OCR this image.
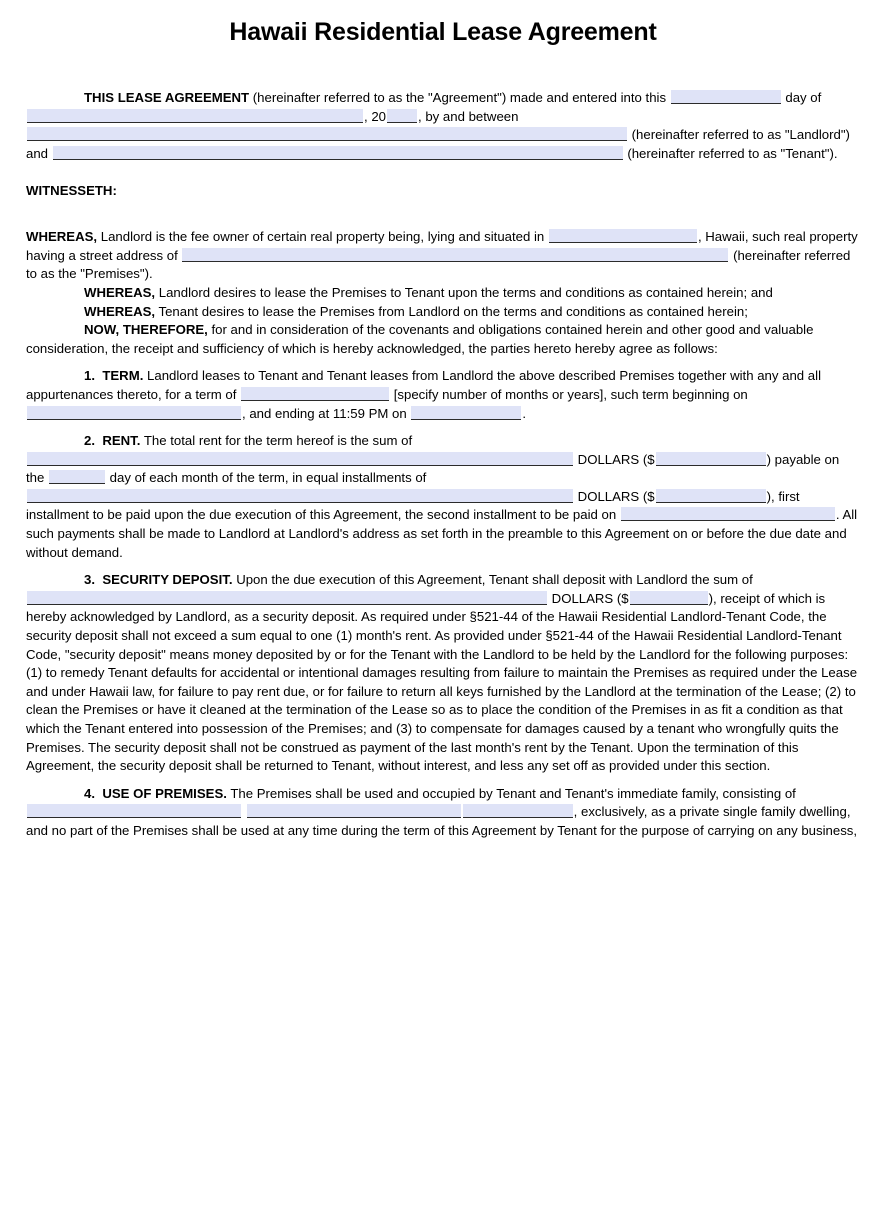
Hawaii Residential Lease Agreement

THIS LEASE AGREEMENT (hereinafter referred to as the "Agreement") made and entered into this	day of , 20 , by and between  (hereinafter referred to as "Landlord") and	(hereinafter referred to as "Tenant").

WITNESSETH:

WHEREAS, Landlord is the fee owner of certain real property being, lying and situated in	, Hawaii, such real property having a street address of	(hereinafter referred to as the "Premises").

WHEREAS, Landlord desires to lease the Premises to Tenant upon the terms and conditions as contained herein; and

WHEREAS, Tenant desires to lease the Premises from Landlord on the terms and conditions as contained herein;

NOW, THEREFORE, for and in consideration of the covenants and obligations contained herein and other good and valuable consideration, the receipt and sufficiency of which is hereby acknowledged, the parties hereto hereby agree as follows:

1. TERM. Landlord leases to Tenant and Tenant leases from Landlord the above described Premises together with any and all appurtenances thereto, for a term of	[specify number of months or years], such term beginning on , and ending at 11:59 PM on	.

2. RENT. The total rent for the term hereof is the sum of  DOLLARS ($	) payable on the	day of each month of the term, in equal installments of  DOLLARS ($	), first installment to be paid upon the due execution of this Agreement, the second installment to be paid on	. All such payments shall be made to Landlord at Landlord's address as set forth in the preamble to this Agreement on or before the due date and without demand.

3. SECURITY DEPOSIT. Upon the due execution of this Agreement, Tenant shall deposit with Landlord the sum of  DOLLARS ($	), receipt of which is hereby acknowledged by Landlord, as a security deposit. As required under §521-44 of the Hawaii Residential Landlord-Tenant Code, the security deposit shall not exceed a sum equal to one (1) month's rent. As provided under §521-44 of the Hawaii Residential Landlord-Tenant Code, "security deposit" means money deposited by or for the Tenant with the Landlord to be held by the Landlord for the following purposes: (1) to remedy Tenant defaults for accidental or intentional damages resulting from failure to maintain the Premises as required under the Lease and under Hawaii law, for failure to pay rent due, or for failure to return all keys furnished by the Landlord at the termination of the Lease; (2) to clean the Premises or have it cleaned at the termination of the Lease so as to place the condition of the Premises in as fit a condition as that which the Tenant entered into possession of the Premises; and (3) to compensate for damages caused by a tenant who wrongfully quits the Premises. The security deposit shall not be construed as payment of the last month's rent by the Tenant. Upon the termination of this Agreement, the security deposit shall be returned to Tenant, without interest, and less any set off as provided under this section.

4. USE OF PREMISES. The Premises shall be used and occupied by Tenant and Tenant's immediate family, consisting of  , exclusively, as a private single family dwelling, and no part of the Premises shall be used at any time during the term of this Agreement by Tenant for the purpose of carrying on any business,
